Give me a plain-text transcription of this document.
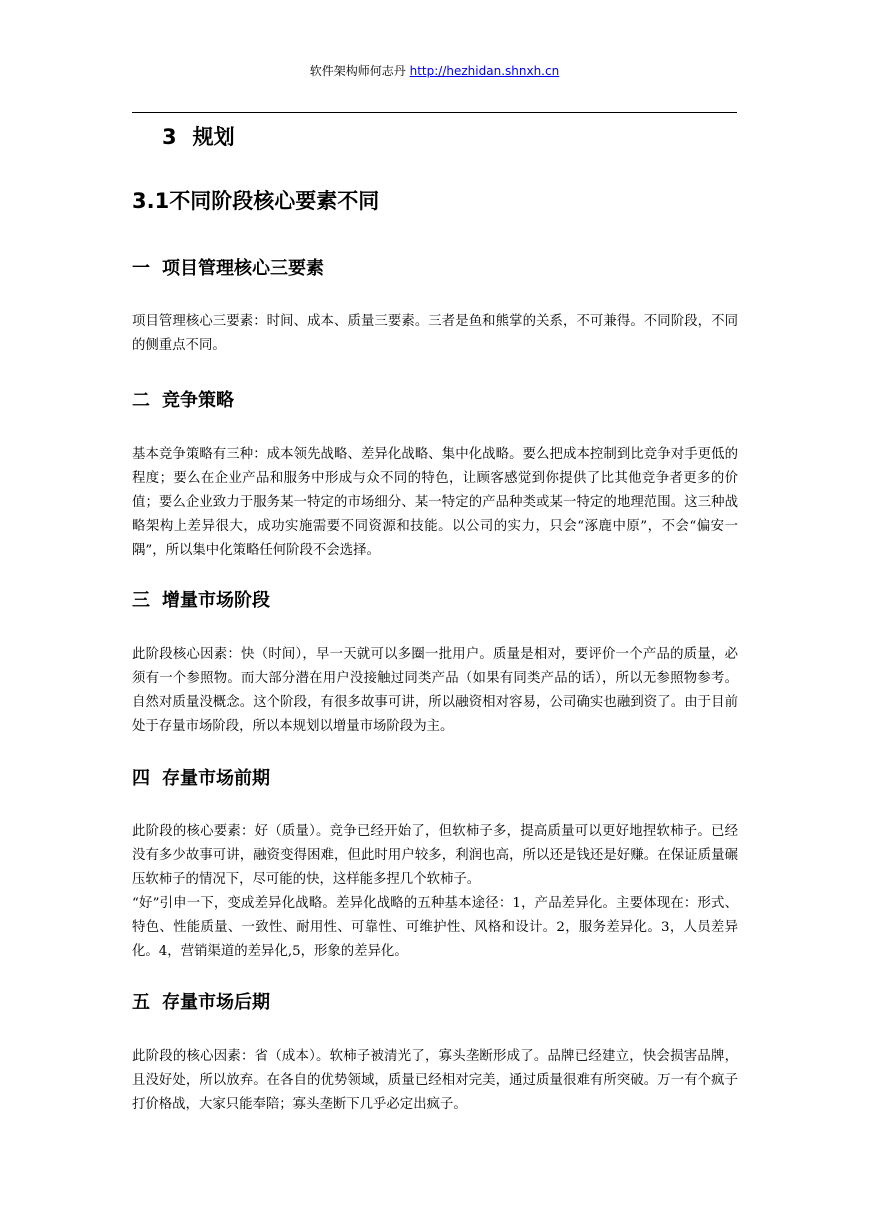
软件架构师何志丹 http://hezhidan.shnxh.cn
3 规划
3.1不同阶段核心要素不同
一 项目管理核心三要素
项目管理核心三要素：时间、成本、质量三要素。三者是鱼和熊掌的关系，不可兼得。不同阶段，不同的侧重点不同。
二 竞争策略
基本竞争策略有三种：成本领先战略、差异化战略、集中化战略。要么把成本控制到比竞争对手更低的程度；要么在企业产品和服务中形成与众不同的特色，让顾客感觉到你提供了比其他竞争者更多的价值；要么企业致力于服务某一特定的市场细分、某一特定的产品种类或某一特定的地理范围。这三种战略架构上差异很大，成功实施需要不同资源和技能。以公司的实力，只会“涿鹿中原”，不会“偏安一隅”，所以集中化策略任何阶段不会选择。
三 增量市场阶段
此阶段核心因素：快（时间），早一天就可以多圈一批用户。质量是相对，要评价一个产品的质量，必须有一个参照物。而大部分潜在用户没接触过同类产品（如果有同类产品的话），所以无参照物参考。自然对质量没概念。这个阶段，有很多故事可讲，所以融资相对容易，公司确实也融到资了。由于目前处于存量市场阶段，所以本规划以增量市场阶段为主。
四 存量市场前期
此阶段的核心要素：好（质量）。竞争已经开始了，但软柿子多，提高质量可以更好地捏软柿子。已经没有多少故事可讲，融资变得困难，但此时用户较多，利润也高，所以还是钱还是好赚。在保证质量碾压软柿子的情况下，尽可能的快，这样能多捏几个软柿子。
“好”引申一下，变成差异化战略。差异化战略的五种基本途径：1，产品差异化。主要体现在：形式、特色、性能质量、一致性、耐用性、可靠性、可维护性、风格和设计。2，服务差异化。3，人员差异化。4，营销渠道的差异化,5，形象的差异化。
五 存量市场后期
此阶段的核心因素：省（成本）。软柿子被清光了，寡头垄断形成了。品牌已经建立，快会损害品牌，且没好处，所以放弃。在各自的优势领域，质量已经相对完美，通过质量很难有所突破。万一有个疯子打价格战，大家只能奉陪；寡头垄断下几乎必定出疯子。
